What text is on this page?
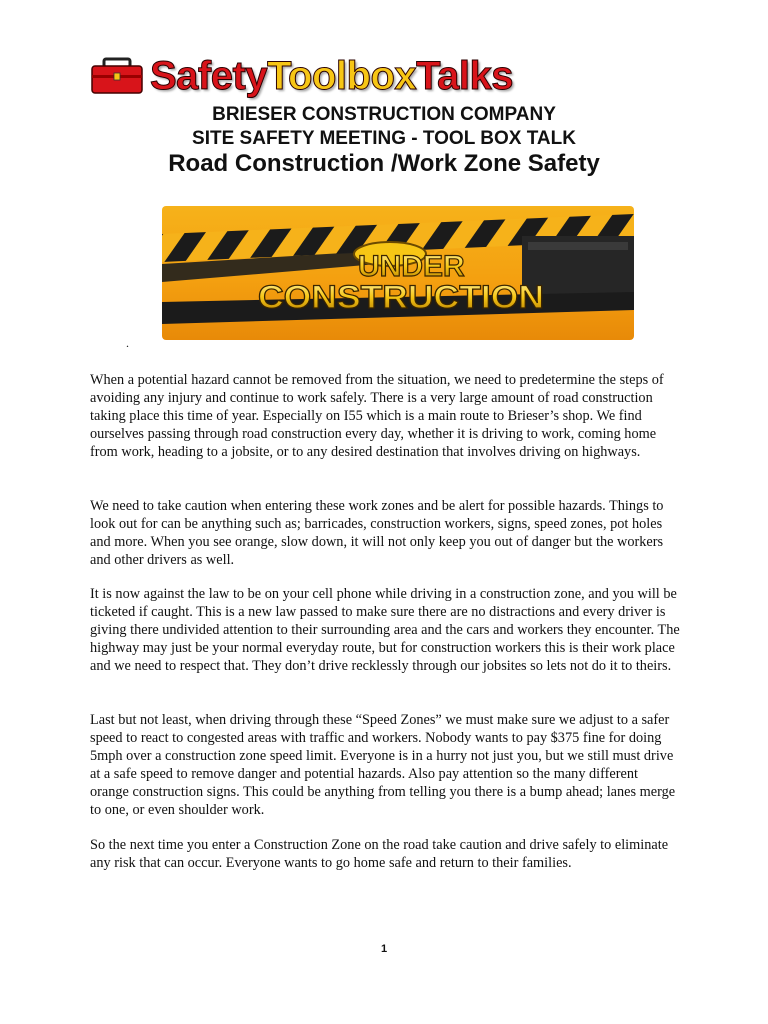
SafetyToolboxTalks
BRIESER CONSTRUCTION COMPANY
SITE SAFETY MEETING - TOOL BOX TALK
Road Construction /Work Zone Safety
UNDER
CONSTRUCTION
.

When a potential hazard cannot be removed from the situation, we need to predetermine the steps of avoiding any injury and continue to work safely. There is a very large amount of road construction taking place this time of year. Especially on I55 which is a main route to Brieser’s shop. We find ourselves passing through road construction every day, whether it is driving to work, coming home from work, heading to a jobsite, or to any desired destination that involves driving on highways.

We need to take caution when entering these work zones and be alert for possible hazards. Things to look out for can be anything such as; barricades, construction workers, signs, speed zones, pot holes and more. When you see orange, slow down, it will not only keep you out of danger but the workers and other drivers as well.

It is now against the law to be on your cell phone while driving in a construction zone, and you will be ticketed if caught. This is a new law passed to make sure there are no distractions and every driver is giving there undivided attention to their surrounding area and the cars and workers they encounter. The highway may just be your normal everyday route, but for construction workers this is their work place and we need to respect that. They don’t drive recklessly through our jobsites so lets not do it to theirs.

Last but not least, when driving through these “Speed Zones” we must make sure we adjust to a safer speed to react to congested areas with traffic and workers. Nobody wants to pay $375 fine for doing 5mph over a construction zone speed limit. Everyone is in a hurry not just you, but we still must drive at a safe speed to remove danger and potential hazards. Also pay attention so the many different orange construction signs. This could be anything from telling you there is a bump ahead; lanes merge to one, or even shoulder work.

So the next time you enter a Construction Zone on the road take caution and drive safely to eliminate any risk that can occur. Everyone wants to go home safe and return to their families.

1
